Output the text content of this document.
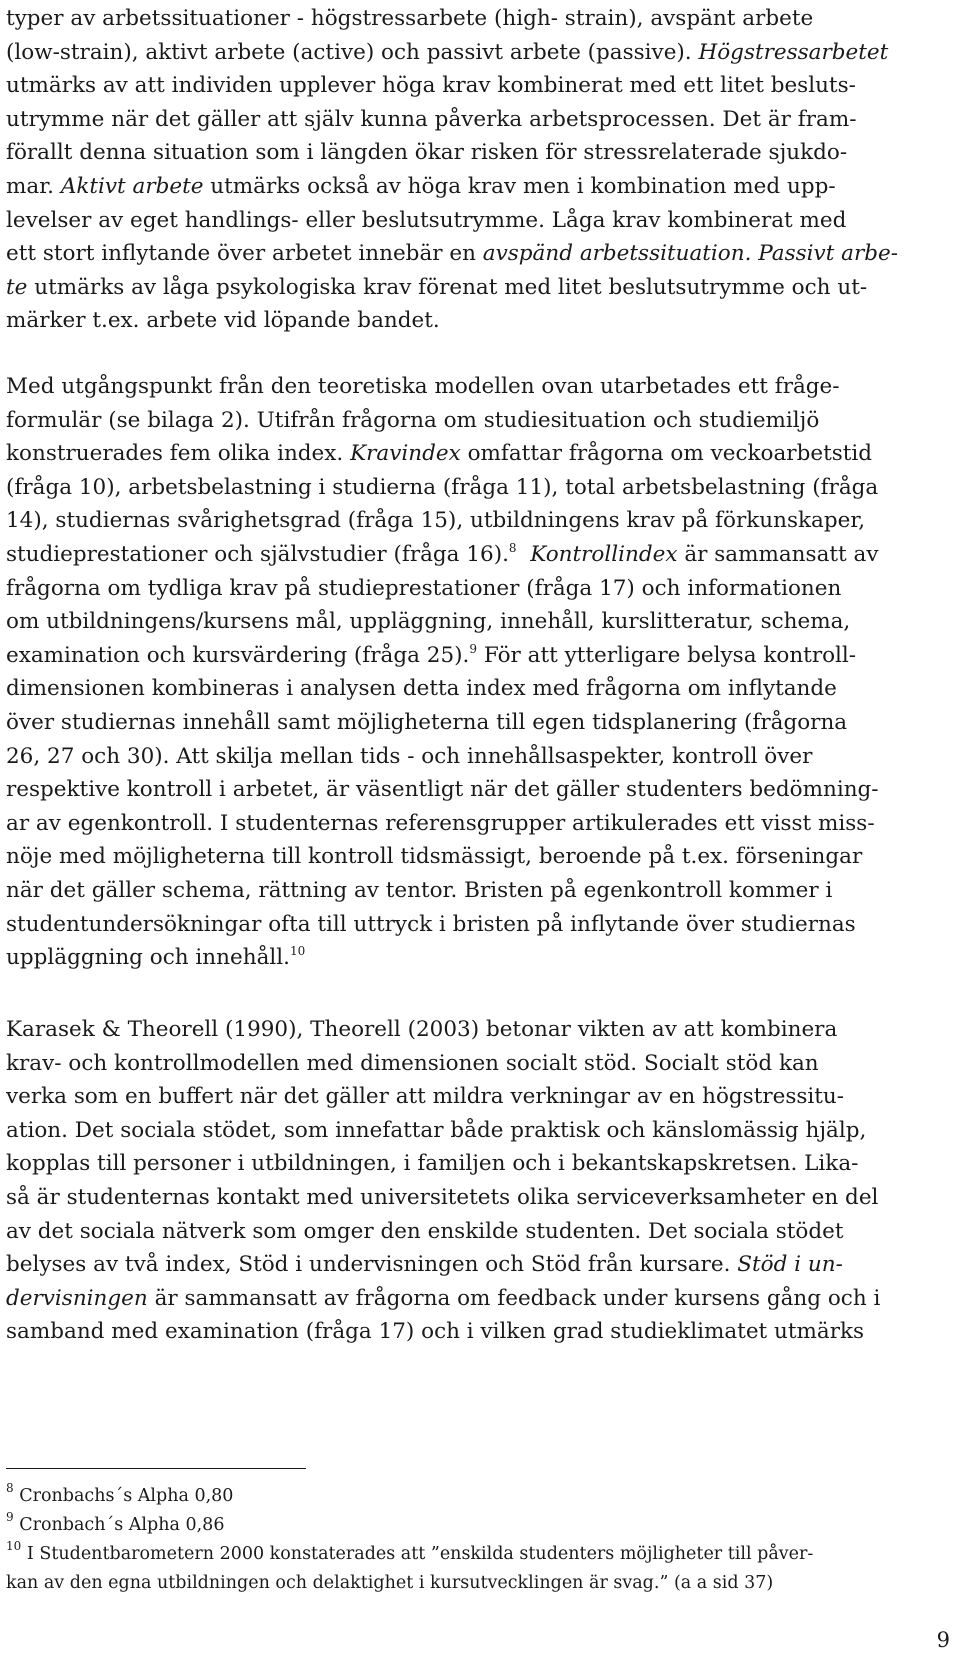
typer av arbetssituationer - högstressarbete (high- strain), avspänt arbete
(low-strain), aktivt arbete (active) och passivt arbete (passive). Högstressarbetet
utmärks av att individen upplever höga krav kombinerat med ett litet besluts-
utrymme när det gäller att själv kunna påverka arbetsprocessen. Det är fram-
förallt denna situation som i längden ökar risken för stressrelaterade sjukdo-
mar. Aktivt arbete utmärks också av höga krav men i kombination med upp-
levelser av eget handlings- eller beslutsutrymme. Låga krav kombinerat med
ett stort inflytande över arbetet innebär en avspänd arbetssituation. Passivt arbe-
te utmärks av låga psykologiska krav förenat med litet beslutsutrymme och ut-
märker t.ex. arbete vid löpande bandet.
Med utgångspunkt från den teoretiska modellen ovan utarbetades ett fråge-
formulär (se bilaga 2). Utifrån frågorna om studiesituation och studiemiljö
konstruerades fem olika index. Kravindex omfattar frågorna om veckoarbetstid
(fråga 10), arbetsbelastning i studierna (fråga 11), total arbetsbelastning (fråga
14), studiernas svårighetsgrad (fråga 15), utbildningens krav på förkunskaper,
studieprestationer och självstudier (fråga 16).$^8$ Kontrollindex är sammansatt av
frågorna om tydliga krav på studieprestationer (fråga 17) och informationen
om utbildningens/kursens mål, uppläggning, innehåll, kurslitteratur, schema,
examination och kursvärdering (fråga 25).$^9$ För att ytterligare belysa kontroll-
dimensionen kombineras i analysen detta index med frågorna om inflytande
över studiernas innehåll samt möjligheterna till egen tidsplanering (frågorna
26, 27 och 30). Att skilja mellan tids - och innehållsaspekter, kontroll över
respektive kontroll i arbetet, är väsentligt när det gäller studenters bedömning-
ar av egenkontroll. I studenternas referensgrupper artikulerades ett visst miss-
nöje med möjligheterna till kontroll tidsmässigt, beroende på t.ex. förseningar
när det gäller schema, rättning av tentor. Bristen på egenkontroll kommer i
studentundersökningar ofta till uttryck i bristen på inflytande över studiernas
uppläggning och innehåll.$^{10}$
Karasek & Theorell (1990), Theorell (2003) betonar vikten av att kombinera
krav- och kontrollmodellen med dimensionen socialt stöd. Socialt stöd kan
verka som en buffert när det gäller att mildra verkningar av en högstressitu-
ation. Det sociala stödet, som innefattar både praktisk och känslomässig hjälp,
kopplas till personer i utbildningen, i familjen och i bekantskapskretsen. Lika-
så är studenternas kontakt med universitetets olika serviceverksamheter en del
av det sociala nätverk som omger den enskilde studenten. Det sociala stödet
belyses av två index, Stöd i undervisningen och Stöd från kursare. Stöd i un-
dervisningen är sammansatt av frågorna om feedback under kursens gång och i
samband med examination (fråga 17) och i vilken grad studieklimatet utmärks
$^8$ Cronbachs´s Alpha 0,80
$^9$ Cronbach´s Alpha 0,86
$^{10}$ I Studentbarometern 2000 konstaterades att ”enskilda studenters möjligheter till påver-
kan av den egna utbildningen och delaktighet i kursutvecklingen är svag.” (a a sid 37)
9
